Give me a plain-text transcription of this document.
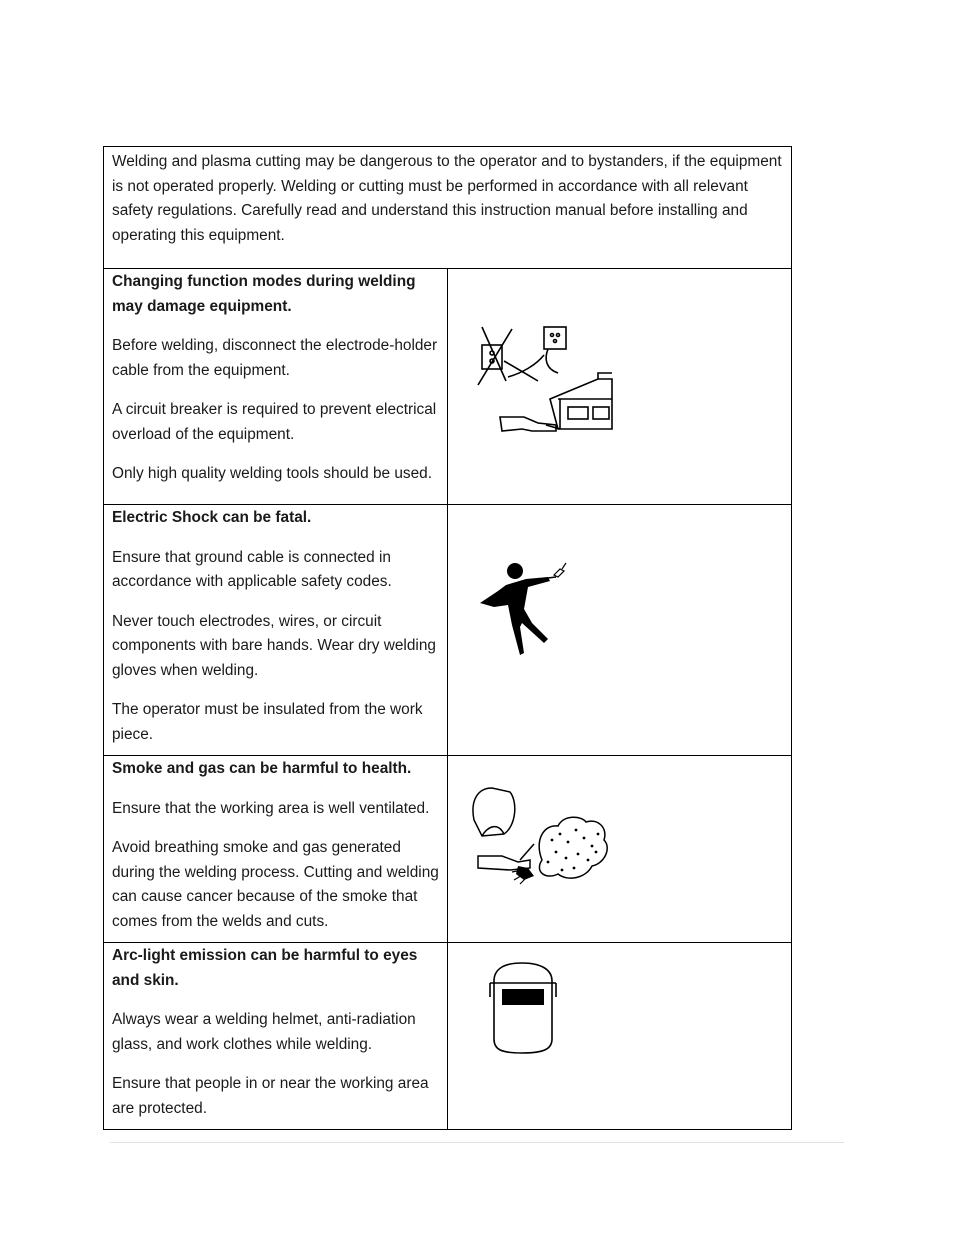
Welding and plasma cutting may be dangerous to the operator and to bystanders, if the equipment is not operated properly. Welding or cutting must be performed in accordance with all relevant safety regulations. Carefully read and understand this instruction manual before installing and operating this equipment.	

Changing function modes during welding may damage equipment.

Before welding, disconnect the electrode-holder cable from the equipment.

A circuit breaker is required to prevent electrical overload of the equipment.

Only high quality welding tools should be used.

Electric Shock can be fatal.

Ensure that ground cable is connected in accordance with applicable safety codes.

Never touch electrodes, wires, or circuit components with bare hands. Wear dry welding gloves when welding.

The operator must be insulated from the work piece.

Smoke and gas can be harmful to health.

Ensure that the working area is well ventilated.

Avoid breathing smoke and gas generated during the welding process. Cutting and welding can cause cancer because of the smoke that comes from the welds and cuts.

Arc-light emission can be harmful to eyes and skin.

Always wear a welding helmet, anti-radiation glass, and work clothes while welding.

Ensure that people in or near the working area are protected.
